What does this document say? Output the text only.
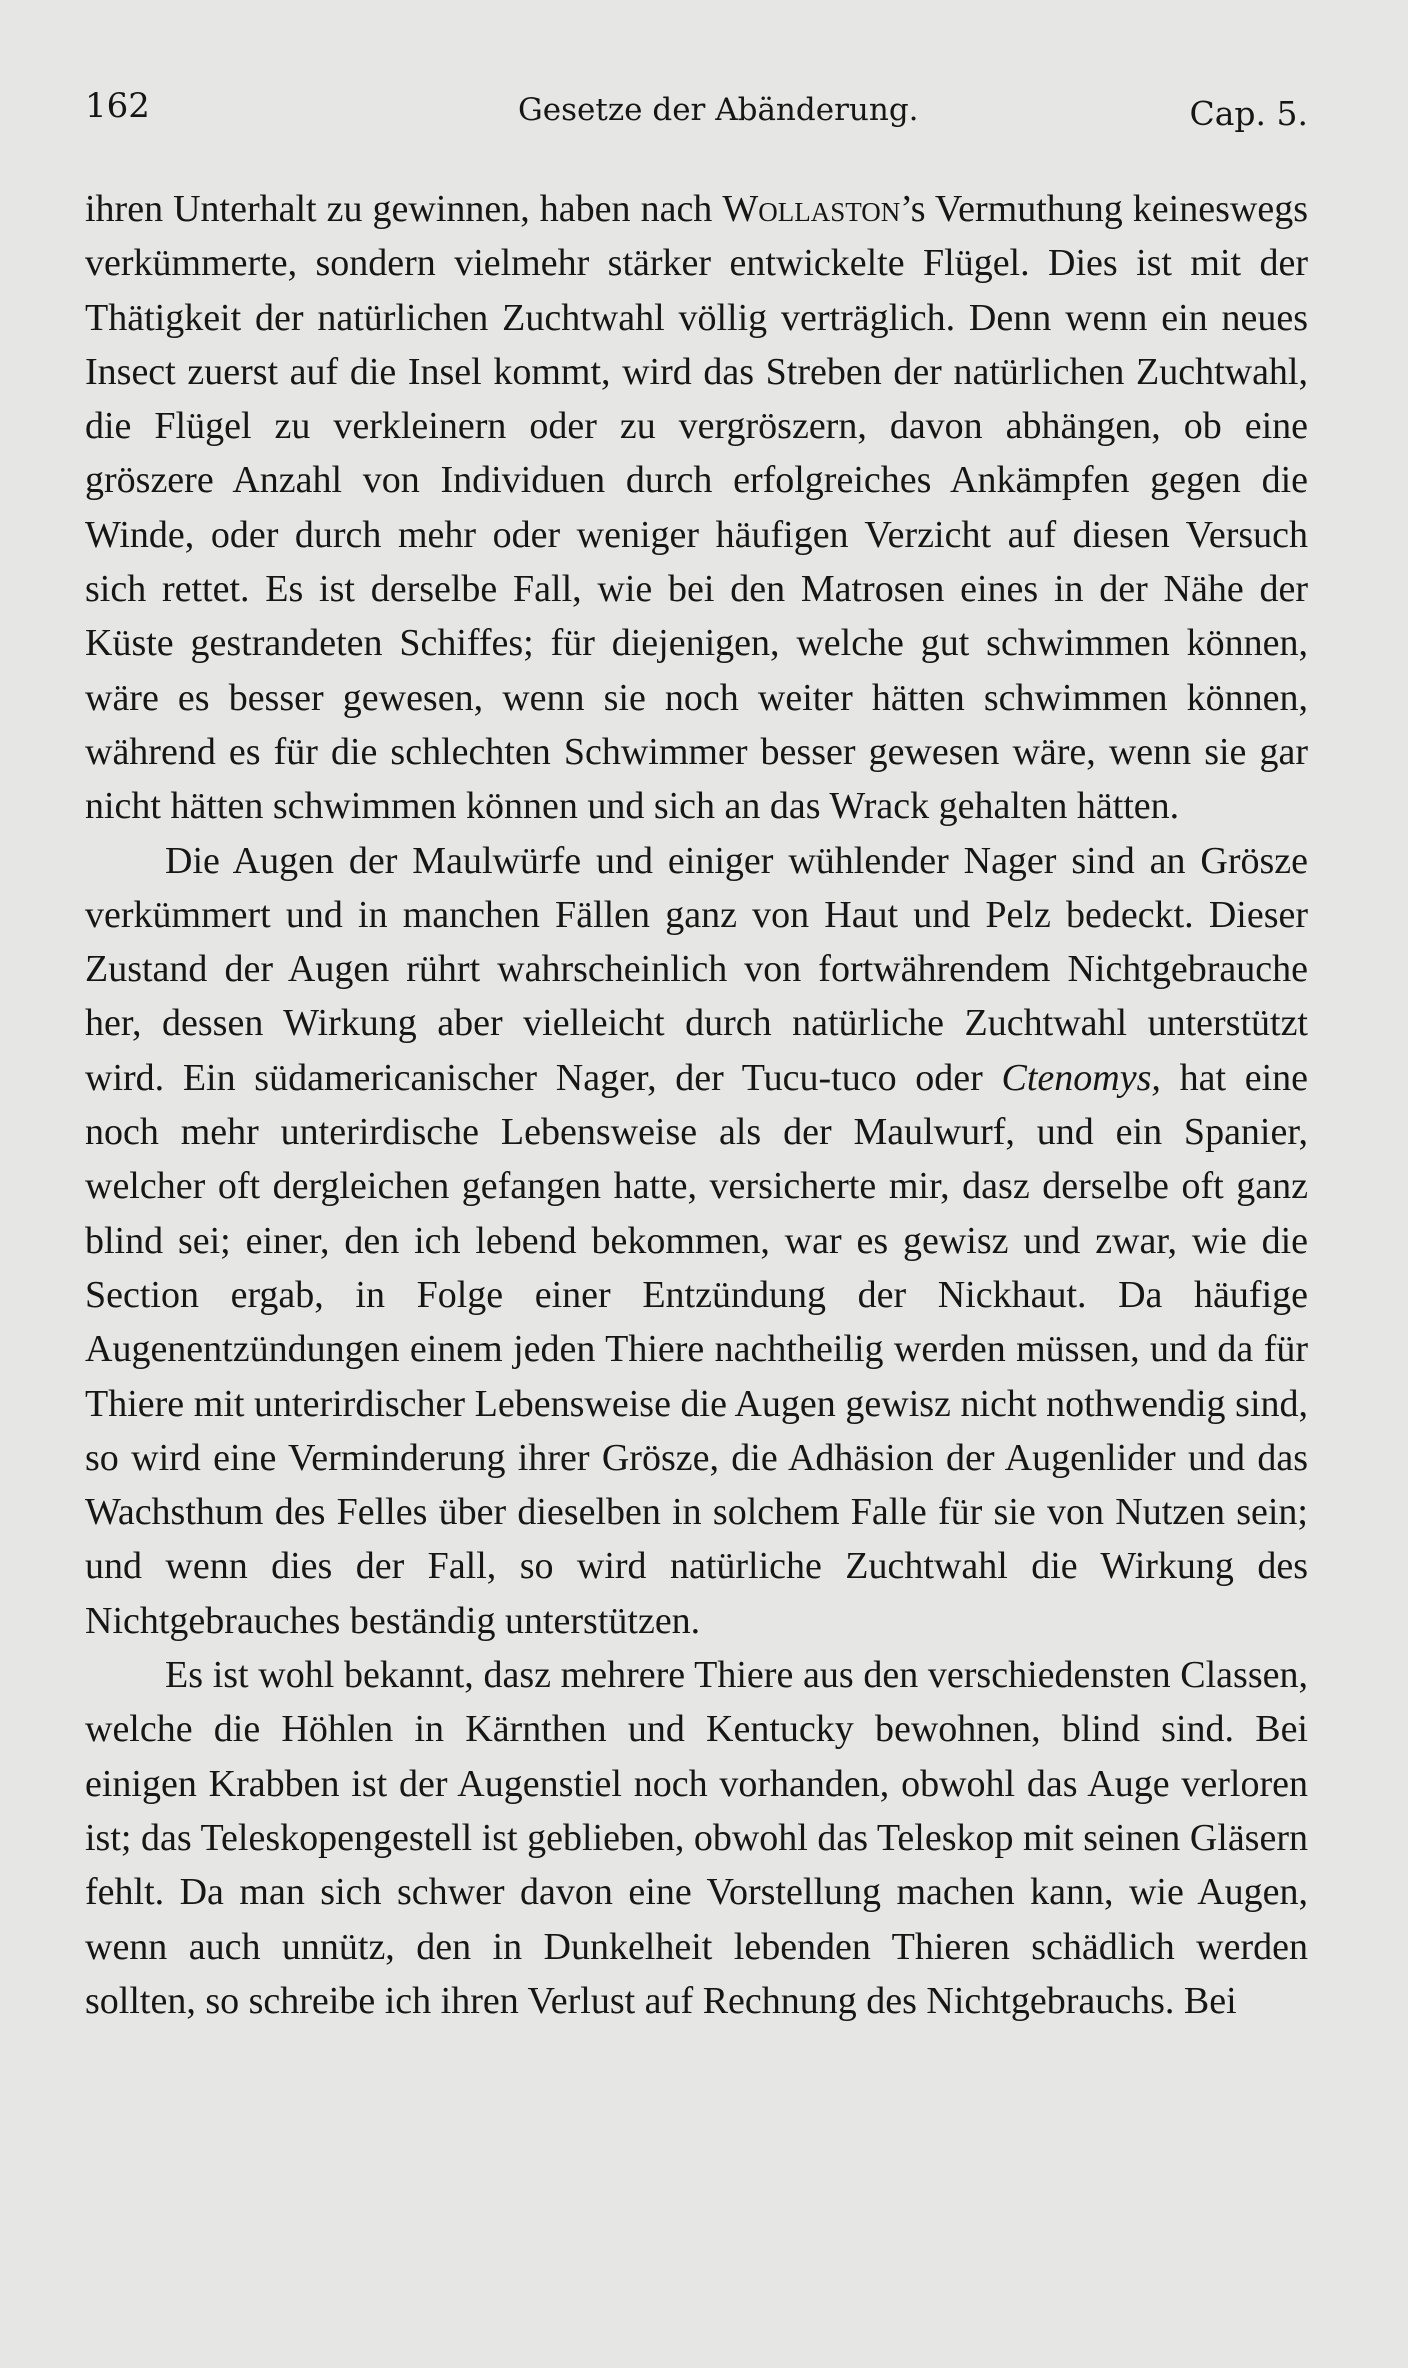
162	Gesetze der Abänderung.	Cap. 5.

ihren Unterhalt zu gewinnen, haben nach Wollaston’s Vermuthung keineswegs verkümmerte, sondern vielmehr stärker entwickelte Flügel. Dies ist mit der Thätigkeit der natürlichen Zuchtwahl völlig verträglich. Denn wenn ein neues Insect zuerst auf die Insel kommt, wird das Streben der natürlichen Zuchtwahl, die Flügel zu verkleinern oder zu vergröszern, davon abhängen, ob eine gröszere Anzahl von Individuen durch erfolgreiches Ankämpfen gegen die Winde, oder durch mehr oder weniger häufigen Verzicht auf diesen Versuch sich rettet. Es ist derselbe Fall, wie bei den Matrosen eines in der Nähe der Küste gestrandeten Schiffes; für diejenigen, welche gut schwimmen können, wäre es besser gewesen, wenn sie noch weiter hätten schwimmen können, während es für die schlechten Schwimmer besser gewesen wäre, wenn sie gar nicht hätten schwimmen können und sich an das Wrack gehalten hätten.

Die Augen der Maulwürfe und einiger wühlender Nager sind an Grösze verkümmert und in manchen Fällen ganz von Haut und Pelz bedeckt. Dieser Zustand der Augen rührt wahrscheinlich von fortwährendem Nichtgebrauche her, dessen Wirkung aber vielleicht durch natürliche Zuchtwahl unterstützt wird. Ein südamericanischer Nager, der Tucu-tuco oder Ctenomys, hat eine noch mehr unterirdische Lebensweise als der Maulwurf, und ein Spanier, welcher oft dergleichen gefangen hatte, versicherte mir, dasz derselbe oft ganz blind sei; einer, den ich lebend bekommen, war es gewisz und zwar, wie die Section ergab, in Folge einer Entzündung der Nickhaut. Da häufige Augenentzündungen einem jeden Thiere nachtheilig werden müssen, und da für Thiere mit unterirdischer Lebensweise die Augen gewisz nicht nothwendig sind, so wird eine Verminderung ihrer Grösze, die Adhäsion der Augenlider und das Wachsthum des Felles über dieselben in solchem Falle für sie von Nutzen sein; und wenn dies der Fall, so wird natürliche Zuchtwahl die Wirkung des Nichtgebrauches beständig unterstützen.

Es ist wohl bekannt, dasz mehrere Thiere aus den verschiedensten Classen, welche die Höhlen in Kärnthen und Kentucky bewohnen, blind sind. Bei einigen Krabben ist der Augenstiel noch vorhanden, obwohl das Auge verloren ist; das Teleskopengestell ist geblieben, obwohl das Teleskop mit seinen Gläsern fehlt. Da man sich schwer davon eine Vorstellung machen kann, wie Augen, wenn auch unnütz, den in Dunkelheit lebenden Thieren schädlich werden sollten, so schreibe ich ihren Verlust auf Rechnung des Nichtgebrauchs. Bei
